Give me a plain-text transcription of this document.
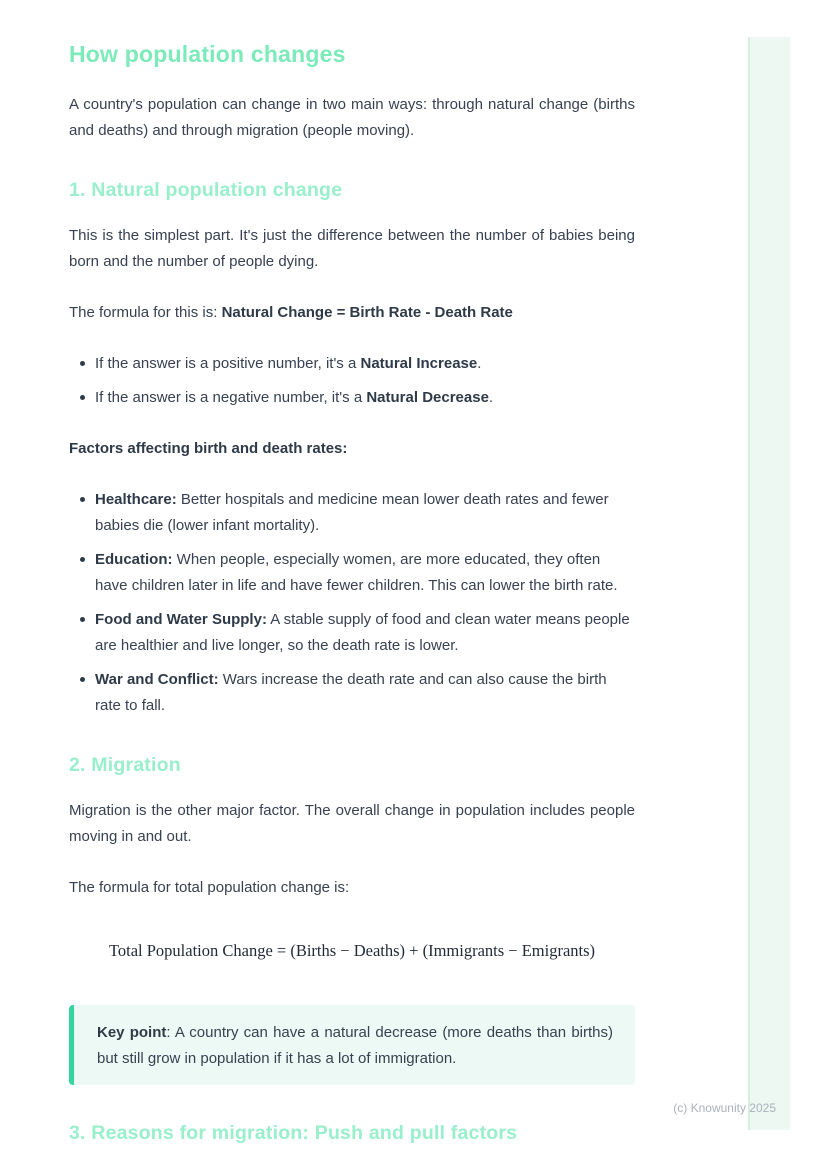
How population changes

A country's population can change in two main ways: through natural change (births and deaths) and through migration (people moving).

1. Natural population change

This is the simplest part. It's just the difference between the number of babies being born and the number of people dying.

The formula for this is: Natural Change = Birth Rate - Death Rate

If the answer is a positive number, it's a Natural Increase.
If the answer is a negative number, it's a Natural Decrease.

Factors affecting birth and death rates:

Healthcare: Better hospitals and medicine mean lower death rates and fewer babies die (lower infant mortality).
Education: When people, especially women, are more educated, they often have children later in life and have fewer children. This can lower the birth rate.
Food and Water Supply: A stable supply of food and clean water means people are healthier and live longer, so the death rate is lower.
War and Conflict: Wars increase the death rate and can also cause the birth rate to fall.
2. Migration

Migration is the other major factor. The overall change in population includes people moving in and out.

The formula for total population change is:

Total Population Change = (Births − Deaths) + (Immigrants − Emigrants)

Key point: A country can have a natural decrease (more deaths than births) but still grow in population if it has a lot of immigration.

3. Reasons for migration: Push and pull factors
(c) Knowunity 2025
